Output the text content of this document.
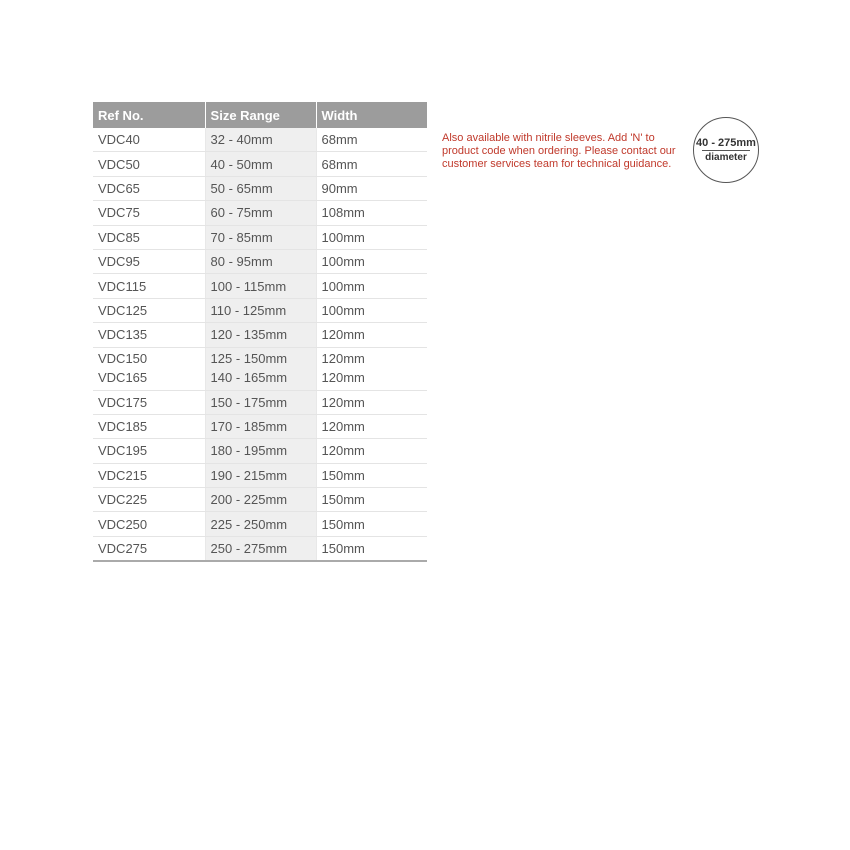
Ref No.	Size Range	Width
VDC40	32 - 40mm	68mm
VDC50	40 - 50mm	68mm
VDC65	50 - 65mm	90mm
VDC75	60 - 75mm	108mm
VDC85	70 - 85mm	100mm
VDC95	80 - 95mm	100mm
VDC115	100 - 115mm	100mm
VDC125	110 - 125mm	100mm
VDC135	120 - 135mm	120mm
VDC150	125 - 150mm	120mm
VDC165	140 - 165mm	120mm
VDC175	150 - 175mm	120mm
VDC185	170 - 185mm	120mm
VDC195	180 - 195mm	120mm
VDC215	190 - 215mm	150mm
VDC225	200 - 225mm	150mm
VDC250	225 - 250mm	150mm
VDC275	250 - 275mm	150mm

Also available with nitrile sleeves. Add 'N' to product code when ordering. Please contact our customer services team for technical guidance.

40 - 275mm
diameter
